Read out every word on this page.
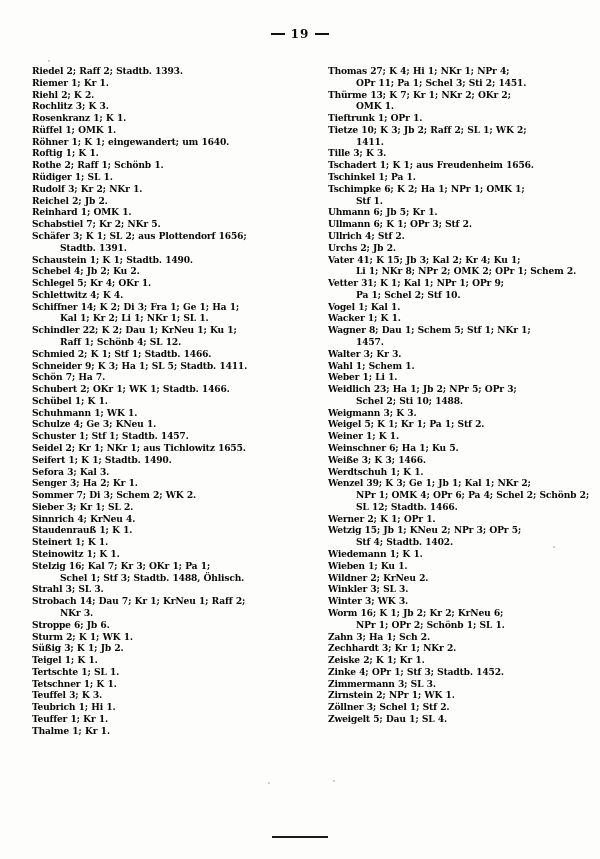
19

Riedel 2; Raff 2; Stadtb. 1393.

Riemer 1; Kr 1.

Riehl 2; K 2.

Rochlitz 3; K 3.

Rosenkranz 1; K 1.

Rüffel 1; OMK 1.

Röhner 1; K 1; eingewandert; um 1640.

Roftig 1; K 1.

Rothe 2; Raff 1; Schönb 1.

Rüdiger 1; SL 1.

Rudolf 3; Kr 2; NKr 1.

Reichel 2; Jb 2.

Reinhard 1; OMK 1.

Schabstiel 7; Kr 2; NKr 5.

Schäfer 3; K 1; SL 2; aus Plottendorf 1656;
Stadtb. 1391.

Schaustein 1; K 1; Stadtb. 1490.

Schebel 4; Jb 2; Ku 2.

Schlegel 5; Kr 4; OKr 1.

Schlettwitz 4; K 4.

Schiffner 14; K 2; Di 3; Fra 1; Ge 1; Ha 1;
Kal 1; Kr 2; Li 1; NKr 1; SL 1.

Schindler 22; K 2; Dau 1; KrNeu 1; Ku 1;
Raff 1; Schönb 4; SL 12.

Schmied 2; K 1; Stf 1; Stadtb. 1466.

Schneider 9; K 3; Ha 1; SL 5; Stadtb. 1411.

Schön 7; Ha 7.

Schubert 2; OKr 1; WK 1; Stadtb. 1466.

Schübel 1; K 1.

Schuhmann 1; WK 1.

Schulze 4; Ge 3; KNeu 1.

Schuster 1; Stf 1; Stadtb. 1457.

Seidel 2; Kr 1; NKr 1; aus Tichlowitz 1655.

Seifert 1; K 1; Stadtb. 1490.

Sefora 3; Kal 3.

Senger 3; Ha 2; Kr 1.

Sommer 7; Di 3; Schem 2; WK 2.

Sieber 3; Kr 1; SL 2.

Sinnrich 4; KrNeu 4.

Staudenrauß 1; K 1.

Steinert 1; K 1.

Steinowitz 1; K 1.

Stelzig 16; Kal 7; Kr 3; OKr 1; Pa 1;
Schel 1; Stf 3; Stadtb. 1488, Öhlisch.

Strahl 3; SL 3.

Strobach 14; Dau 7; Kr 1; KrNeu 1; Raff 2;
NKr 3.

Stroppe 6; Jb 6.

Sturm 2; K 1; WK 1.

Süßig 3; K 1; Jb 2.

Teigel 1; K 1.

Tertschte 1; SL 1.

Tetschner 1; K 1.

Teuffel 3; K 3.

Teubrich 1; Hi 1.

Teuffer 1; Kr 1.

Thalme 1; Kr 1.

Thomas 27; K 4; Hi 1; NKr 1; NPr 4;
OPr 11; Pa 1; Schel 3; Sti 2; 1451.

Thürme 13; K 7; Kr 1; NKr 2; OKr 2;
OMK 1.

Tieftrunk 1; OPr 1.

Tietze 10; K 3; Jb 2; Raff 2; SL 1; WK 2;
1411.

Tille 3; K 3.

Tschadert 1; K 1; aus Freudenheim 1656.

Tschinkel 1; Pa 1.

Tschimpke 6; K 2; Ha 1; NPr 1; OMK 1;
Stf 1.

Uhmann 6; Jb 5; Kr 1.

Ullmann 6; K 1; OPr 3; Stf 2.

Ullrich 4; Stf 2.

Urchs 2; Jb 2.

Vater 41; K 15; Jb 3; Kal 2; Kr 4; Ku 1;
Li 1; NKr 8; NPr 2; OMK 2; OPr 1; Schem 2.

Vetter 31; K 1; Kal 1; NPr 1; OPr 9;
Pa 1; Schel 2; Stf 10.

Vogel 1; Kal 1.

Wacker 1; K 1.

Wagner 8; Dau 1; Schem 5; Stf 1; NKr 1;
1457.

Walter 3; Kr 3.

Wahl 1; Schem 1.

Weber 1; Li 1.

Weidlich 23; Ha 1; Jb 2; NPr 5; OPr 3;
Schel 2; Sti 10; 1488.

Weigmann 3; K 3.

Weigel 5; K 1; Kr 1; Pa 1; Stf 2.

Weiner 1; K 1.

Weinschner 6; Ha 1; Ku 5.

Weiße 3; K 3; 1466.

Werdtschuh 1; K 1.

Wenzel 39; K 3; Ge 1; Jb 1; Kal 1; NKr 2;
NPr 1; OMK 4; OPr 6; Pa 4; Schel 2; Schönb 2; SL 12; Stadtb. 1466.

Werner 2; K 1; OPr 1.

Wetzig 15; Jb 1; KNeu 2; NPr 3; OPr 5;
Stf 4; Stadtb. 1402.

Wiedemann 1; K 1.

Wieben 1; Ku 1.

Wildner 2; KrNeu 2.

Winkler 3; SL 3.

Winter 3; WK 3.

Worm 16; K 1; Jb 2; Kr 2; KrNeu 6;
NPr 1; OPr 2; Schönb 1; SL 1.

Zahn 3; Ha 1; Sch 2.

Zechhardt 3; Kr 1; NKr 2.

Zeiske 2; K 1; Kr 1.

Zinke 4; OPr 1; Stf 3; Stadtb. 1452.

Zimmermann 3; SL 3.

Zirnstein 2; NPr 1; WK 1.

Zöllner 3; Schel 1; Stf 2.

Zweigelt 5; Dau 1; SL 4.
